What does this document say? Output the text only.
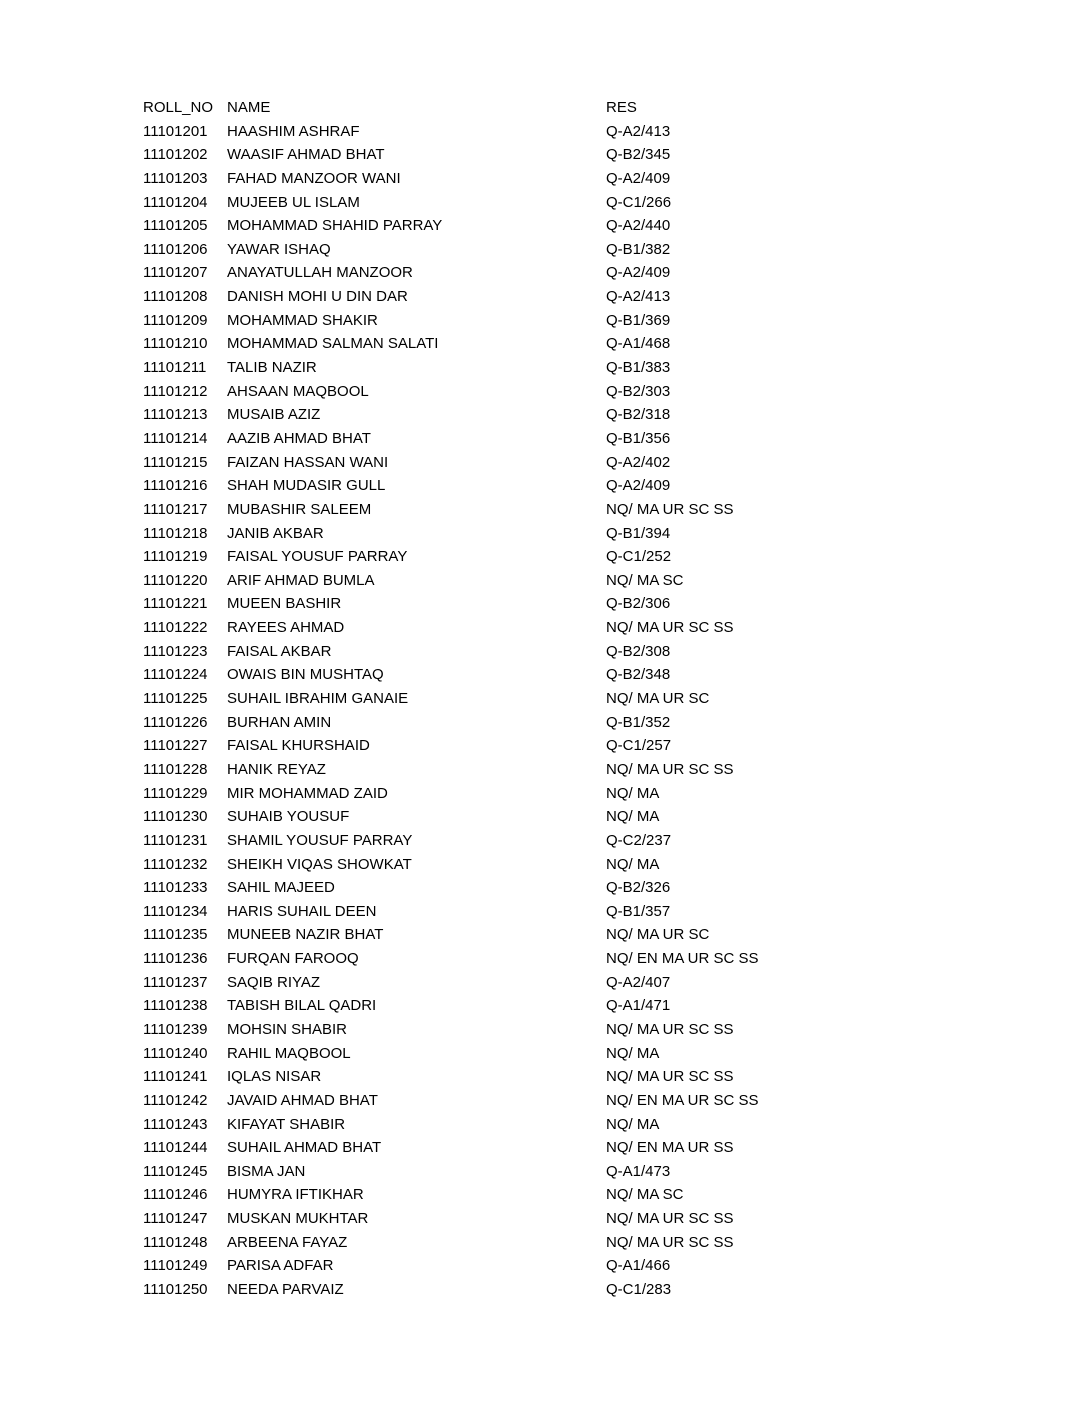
ROLL_NO NAME	RES
11101201	HAASHIM ASHRAF	Q-A2/413
11101202	WAASIF AHMAD BHAT	Q-B2/345
11101203	FAHAD MANZOOR WANI	Q-A2/409
11101204	MUJEEB UL ISLAM	Q-C1/266
11101205	MOHAMMAD SHAHID PARRAY	Q-A2/440
11101206	YAWAR ISHAQ	Q-B1/382
11101207	ANAYATULLAH MANZOOR	Q-A2/409
11101208	DANISH MOHI U DIN DAR	Q-A2/413
11101209	MOHAMMAD SHAKIR	Q-B1/369
11101210	MOHAMMAD SALMAN SALATI	Q-A1/468
11101211	TALIB NAZIR	Q-B1/383
11101212	AHSAAN MAQBOOL	Q-B2/303
11101213	MUSAIB AZIZ	Q-B2/318
11101214	AAZIB AHMAD BHAT	Q-B1/356
11101215	FAIZAN HASSAN WANI	Q-A2/402
11101216	SHAH MUDASIR GULL	Q-A2/409
11101217	MUBASHIR SALEEM	NQ/ MA UR SC SS
11101218	JANIB AKBAR	Q-B1/394
11101219	FAISAL YOUSUF PARRAY	Q-C1/252
11101220	ARIF AHMAD BUMLA	NQ/ MA SC
11101221	MUEEN BASHIR	Q-B2/306
11101222	RAYEES AHMAD	NQ/ MA UR SC SS
11101223	FAISAL AKBAR	Q-B2/308
11101224	OWAIS BIN MUSHTAQ	Q-B2/348
11101225	SUHAIL IBRAHIM GANAIE	NQ/ MA UR SC
11101226	BURHAN AMIN	Q-B1/352
11101227	FAISAL KHURSHAID	Q-C1/257
11101228	HANIK REYAZ	NQ/ MA UR SC SS
11101229	MIR MOHAMMAD ZAID	NQ/ MA
11101230	SUHAIB YOUSUF	NQ/ MA
11101231	SHAMIL YOUSUF PARRAY	Q-C2/237
11101232	SHEIKH VIQAS SHOWKAT	NQ/ MA
11101233	SAHIL MAJEED	Q-B2/326
11101234	HARIS SUHAIL DEEN	Q-B1/357
11101235	MUNEEB NAZIR BHAT	NQ/ MA UR SC
11101236	FURQAN FAROOQ	NQ/ EN MA UR SC SS
11101237	SAQIB RIYAZ	Q-A2/407
11101238	TABISH BILAL QADRI	Q-A1/471
11101239	MOHSIN SHABIR	NQ/ MA UR SC SS
11101240	RAHIL MAQBOOL	NQ/ MA
11101241	IQLAS NISAR	NQ/ MA UR SC SS
11101242	JAVAID AHMAD BHAT	NQ/ EN MA UR SC SS
11101243	KIFAYAT SHABIR	NQ/ MA
11101244	SUHAIL AHMAD BHAT	NQ/ EN MA UR SS
11101245	BISMA JAN	Q-A1/473
11101246	HUMYRA IFTIKHAR	NQ/ MA SC
11101247	MUSKAN MUKHTAR	NQ/ MA UR SC SS
11101248	ARBEENA FAYAZ	NQ/ MA UR SC SS
11101249	PARISA ADFAR	Q-A1/466
11101250	NEEDA PARVAIZ	Q-C1/283
